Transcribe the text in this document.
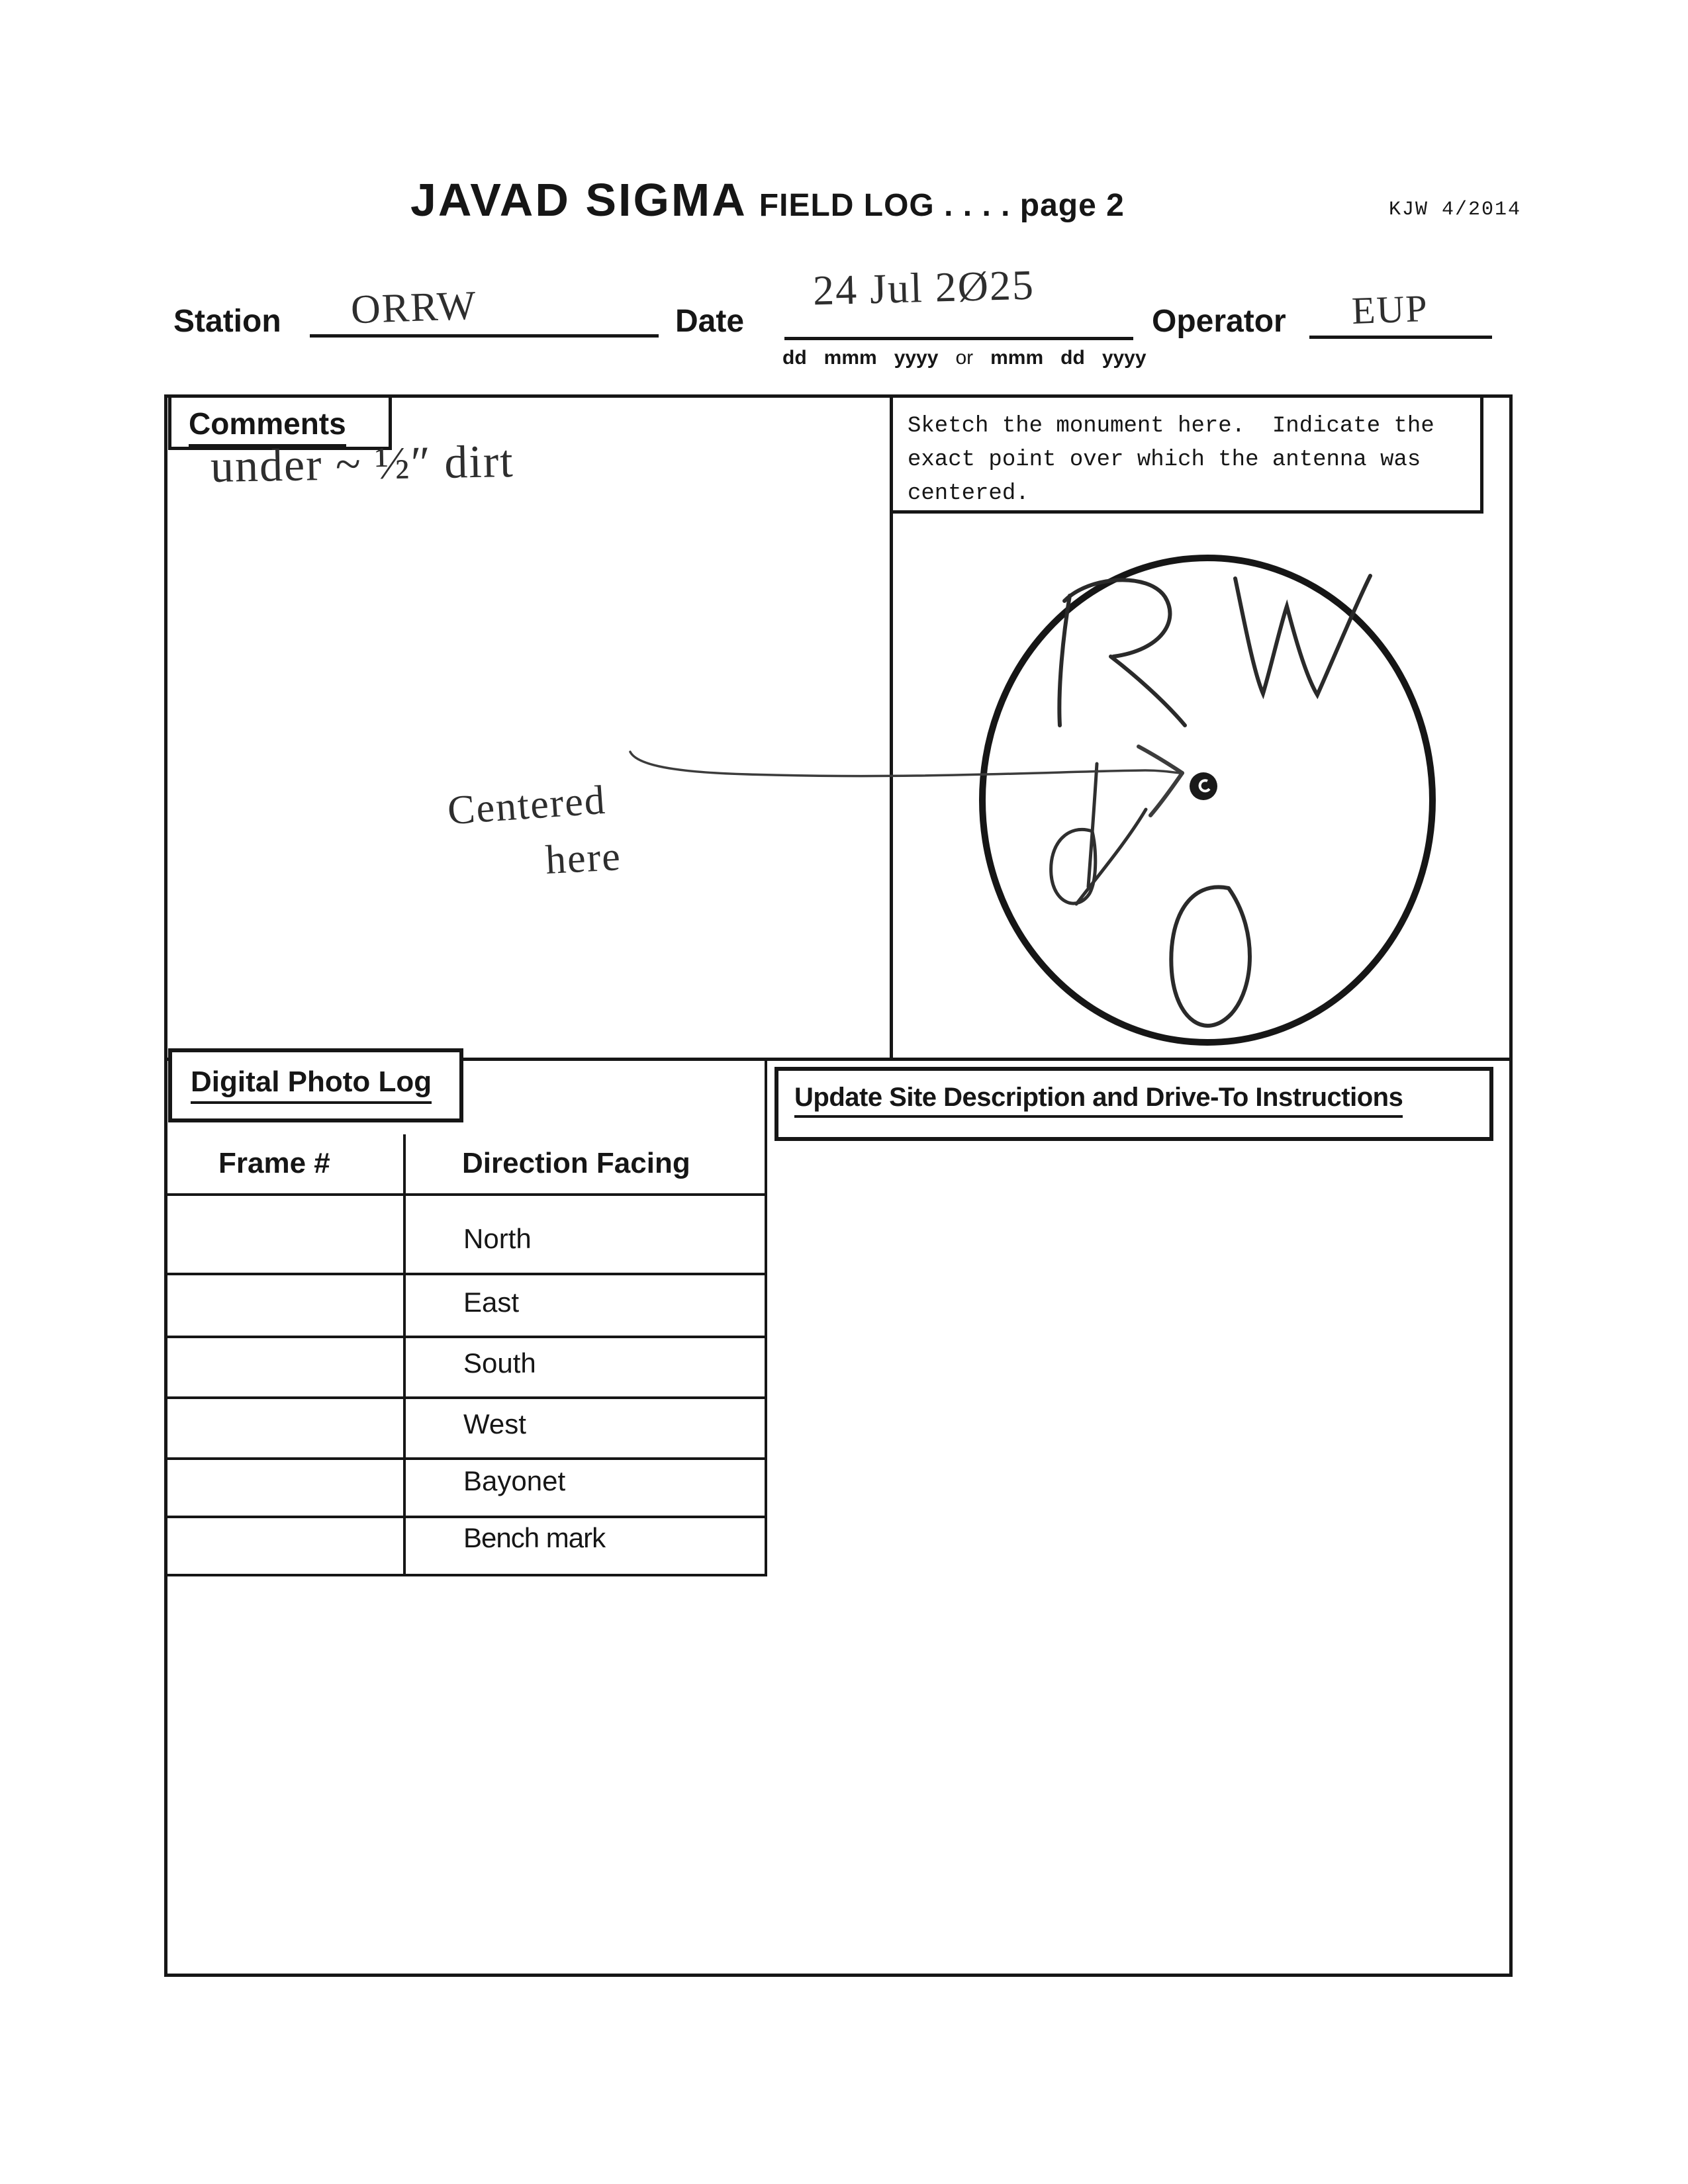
JAVAD SIGMA FIELD LOG . . . . page 2	KJW 4/2014
Station ORRW	Date
24 Jul 2Ø25
dd mmm yyyy or mmm dd yyyy
Operator EUP
Comments
under ~ ½″ dirt
Centered
here
Sketch the monument here.  Indicate the exact point over which the antenna was centered.
Digital Photo Log
Frame #	Direction Facing
North
East
South
West
Bayonet
Bench mark
Update Site Description and Drive-To Instructions
